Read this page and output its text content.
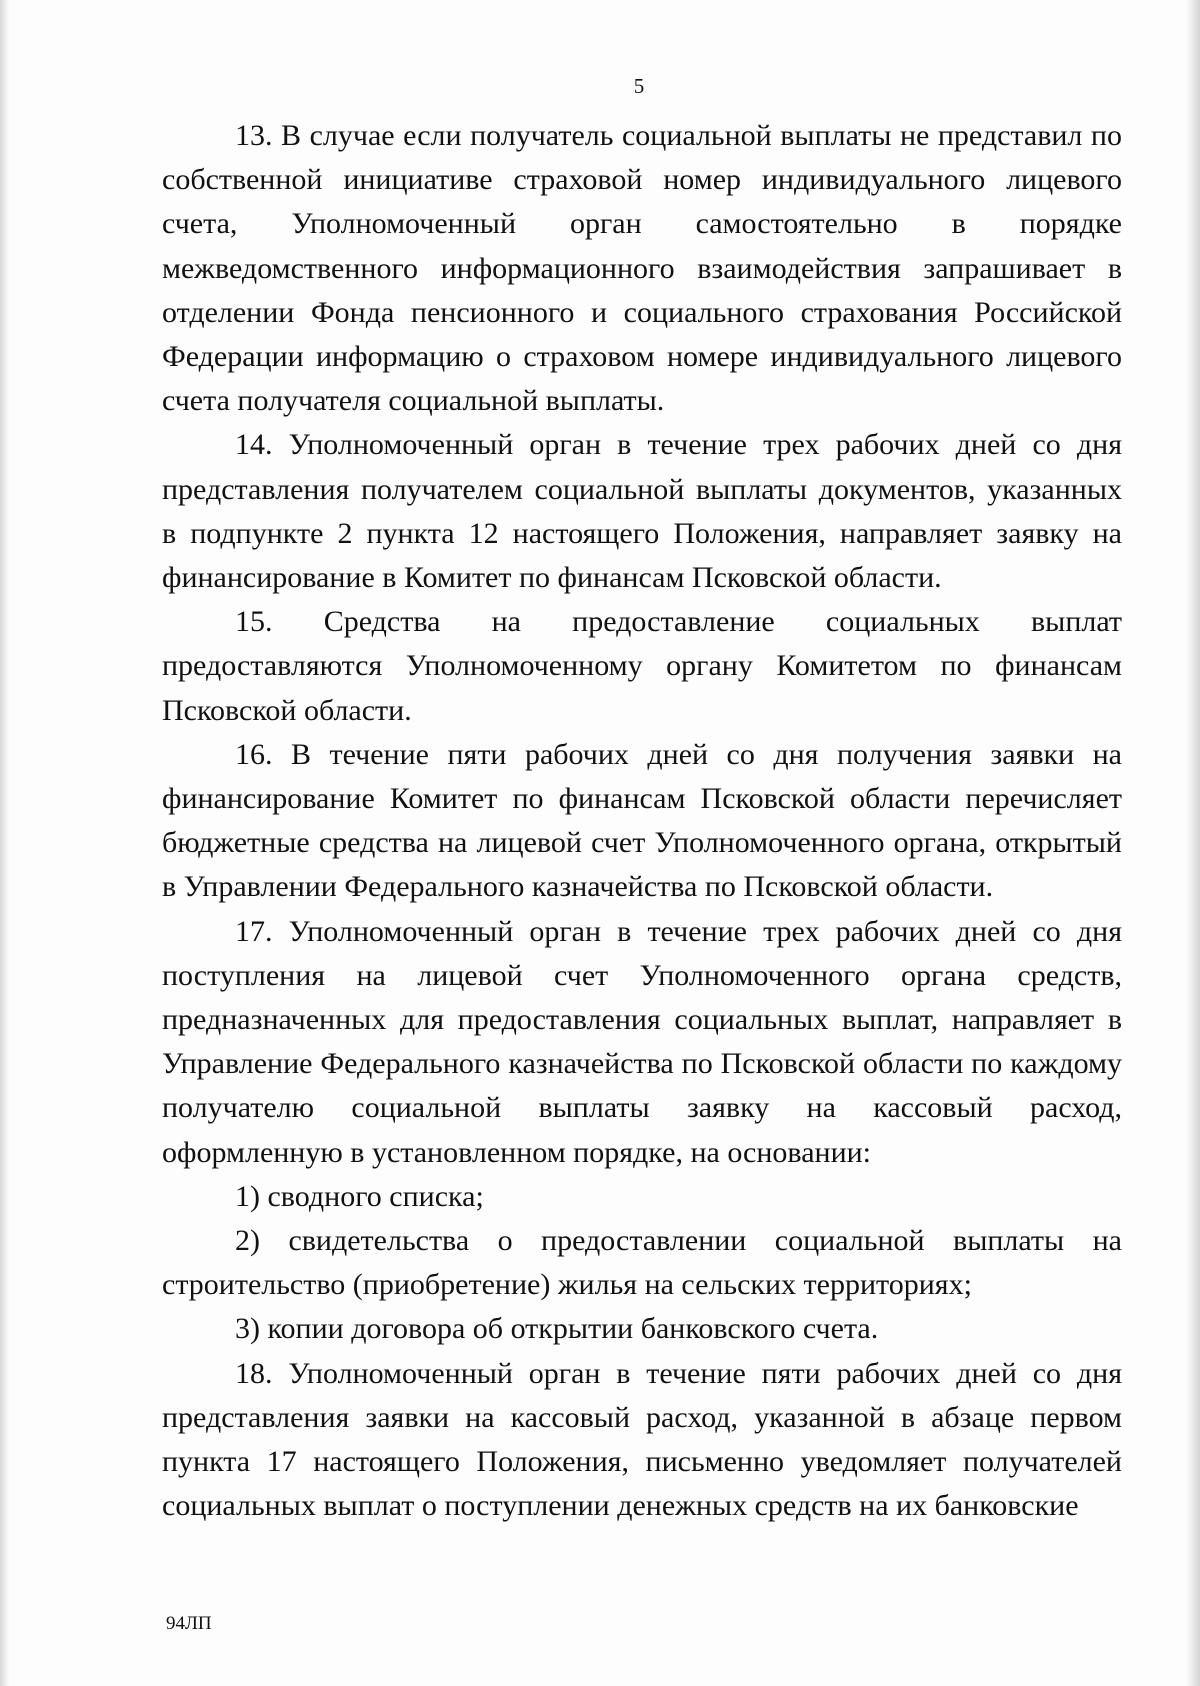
5

13. В случае если получатель социальной выплаты не представил по собственной инициативе страховой номер индивидуального лицевого счета, Уполномоченный орган самостоятельно в порядке межведомственного информационного взаимодействия запрашивает в отделении Фонда пенсионного и социального страхования Российской Федерации информацию о страховом номере индивидуального лицевого счета получателя социальной выплаты.

14. Уполномоченный орган в течение трех рабочих дней со дня представления получателем социальной выплаты документов, указанных в подпункте 2 пункта 12 настоящего Положения, направляет заявку на финансирование в Комитет по финансам Псковской области.

15. Средства на предоставление социальных выплат предоставляются Уполномоченному органу Комитетом по финансам Псковской области.

16. В течение пяти рабочих дней со дня получения заявки на финансирование Комитет по финансам Псковской области перечисляет бюджетные средства на лицевой счет Уполномоченного органа, открытый в Управлении Федерального казначейства по Псковской области.

17. Уполномоченный орган в течение трех рабочих дней со дня поступления на лицевой счет Уполномоченного органа средств, предназначенных для предоставления социальных выплат, направляет в Управление Федерального казначейства по Псковской области по каждому получателю социальной выплаты заявку на кассовый расход, оформленную в установленном порядке, на основании:

1) сводного списка;

2) свидетельства о предоставлении социальной выплаты на строительство (приобретение) жилья на сельских территориях;

3) копии договора об открытии банковского счета.

18. Уполномоченный орган в течение пяти рабочих дней со дня представления заявки на кассовый расход, указанной в абзаце первом пункта 17 настоящего Положения, письменно уведомляет получателей социальных выплат о поступлении денежных средств на их банковские

94ЛП
